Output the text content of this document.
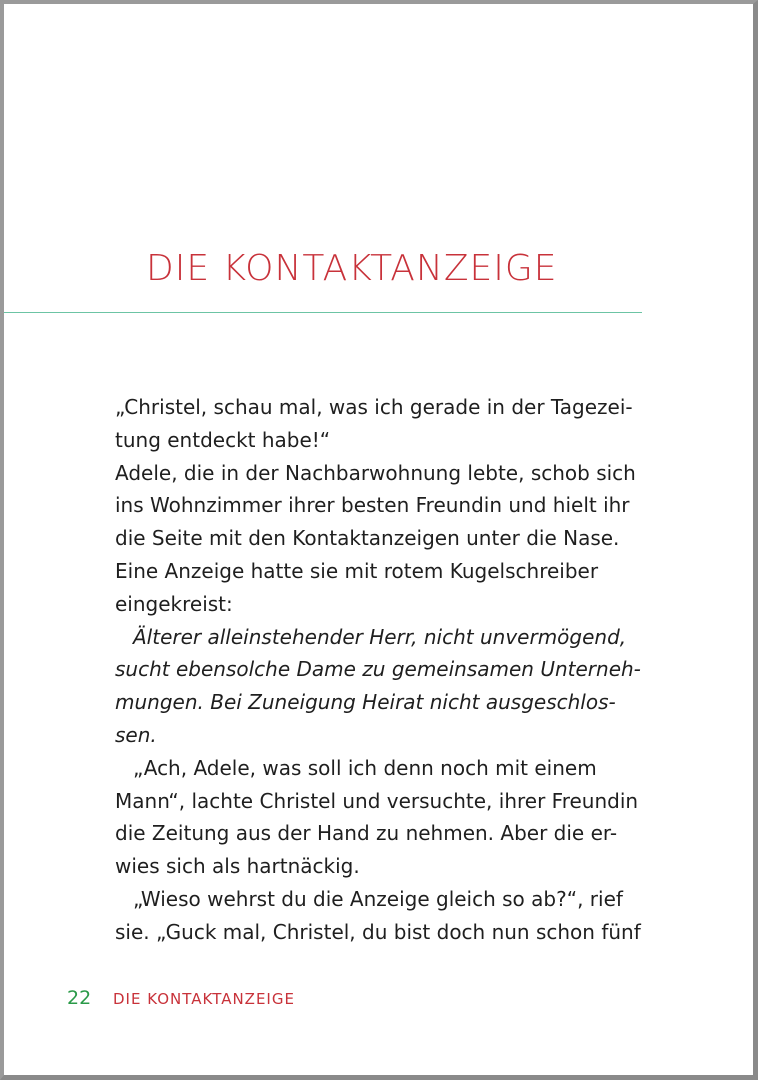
DIE KONTAKTANZEIGE
„Christel, schau mal, was ich gerade in der Tagezei-
tung entdeckt habe!“
Adele, die in der Nachbarwohnung lebte, schob sich
ins Wohnzimmer ihrer besten Freundin und hielt ihr
die Seite mit den Kontaktanzeigen unter die Nase.
Eine Anzeige hatte sie mit rotem Kugelschreiber
eingekreist:
Älterer alleinstehender Herr, nicht unvermögend,
sucht ebensolche Dame zu gemeinsamen Unterneh-
mungen. Bei Zuneigung Heirat nicht ausgeschlos-
sen.
„Ach, Adele, was soll ich denn noch mit einem
Mann“, lachte Christel und versuchte, ihrer Freundin
die Zeitung aus der Hand zu nehmen. Aber die er-
wies sich als hartnäckig.
„Wieso wehrst du die Anzeige gleich so ab?“, rief
sie. „Guck mal, Christel, du bist doch nun schon fünf
22 DIE KONTAKTANZEIGE
